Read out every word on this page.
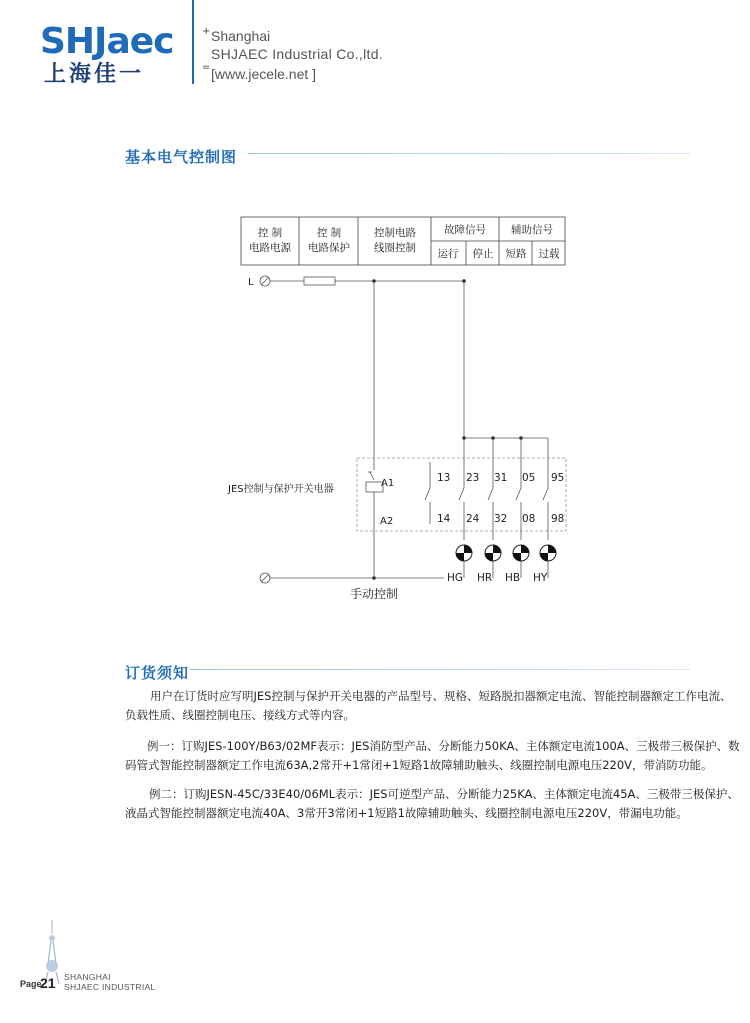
SHJaec
上海佳一
+
=
Shanghai
SHJAEC Industrial Co.,ltd.
[www.jecele.net ]
基本电气控制图
控 制
电路电源
控 制
电路保护
控制电路
线圈控制
故障信号
运行 停止
辅助信号
短路 过载
L
JES控制与保护开关电器
A1
A2
13 23 31 05 95
14 24 32 08 98
HG HR HB HY
手动控制
订货须知
用户在订货时应写明JES控制与保护开关电器的产品型号、规格、短路脱扣器额定电流、智能控制器额定工作电流、
负载性质、线圈控制电压、接线方式等内容。
例一：订购JES-100Y/B63/02MF表示：JES消防型产品、分断能力50KA、主体额定电流100A、三极带三极保护、数
码管式智能控制器额定工作电流63A,2常开+1常闭+1短路1故障辅助触头、线圈控制电源电压220V，带消防功能。
例二：订购JESN-45C/33E40/06ML表示：JES可逆型产品、分断能力25KA、主体额定电流45A、三极带三极保护、
液晶式智能控制器额定电流40A、3常开3常闭+1短路1故障辅助触头、线圈控制电源电压220V，带漏电功能。
Page
21 SHANGHAI
SHJAEC INDUSTRIAL
